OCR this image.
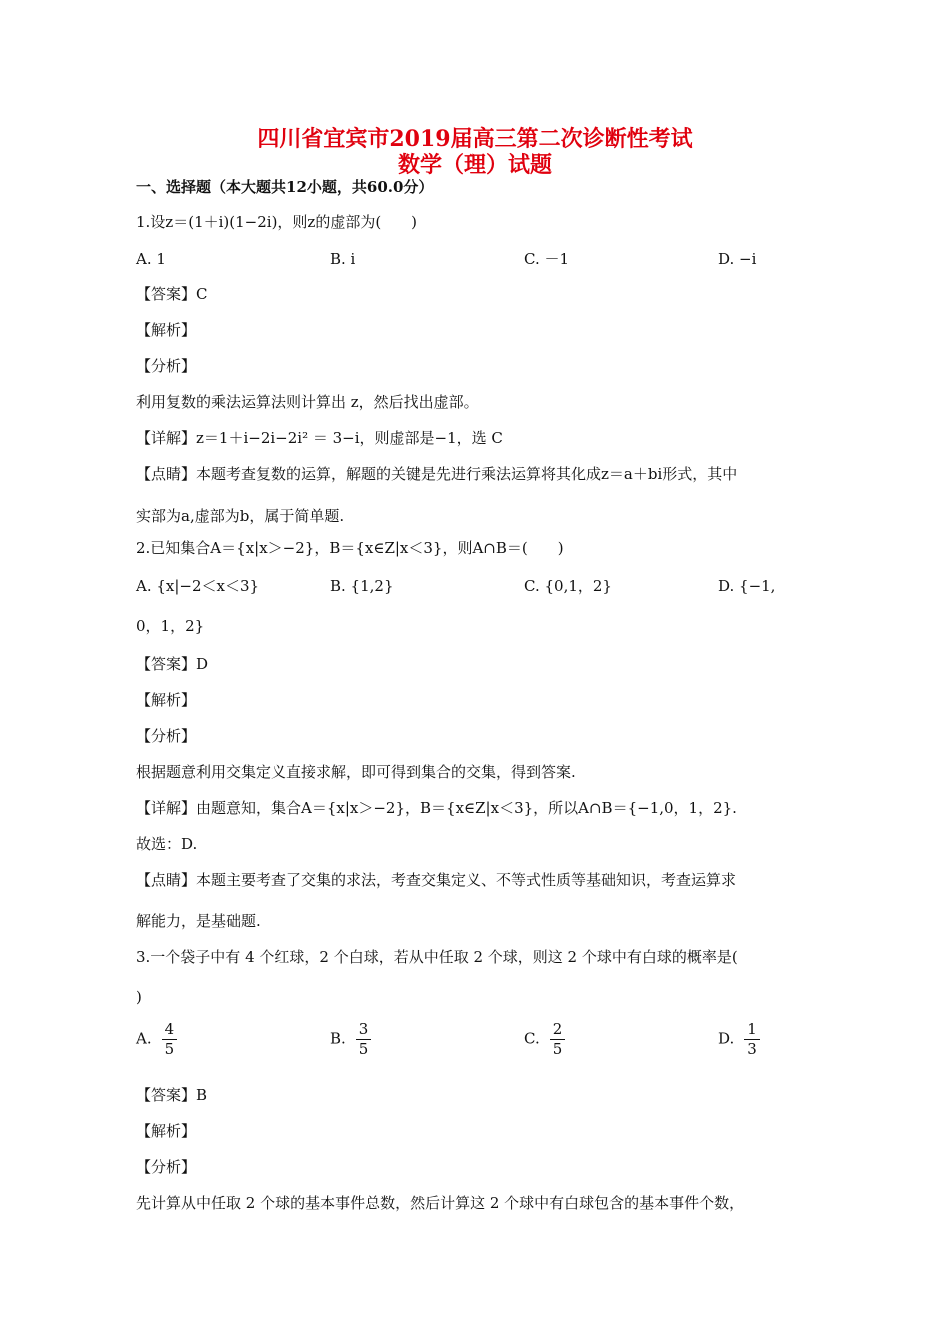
四川省宜宾市2019届高三第二次诊断性考试
数学（理）试题
一、选择题（本大题共12小题，共60.0分）
1.设z＝(1＋i)(1−2i)，则z的虚部为(　　)
A. 1	B. i	C. －1	D. −i
【答案】C
【解析】
【分析】
利用复数的乘法运算法则计算出 z，然后找出虚部。
【详解】z＝1＋i−2i−2i² ＝ 3−i，则虚部是−1，选 C
【点睛】本题考查复数的运算，解题的关键是先进行乘法运算将其化成z＝a＋bi形式，其中
实部为a,虚部为b，属于简单题.
2.已知集合A＝{x|x＞−2}，B＝{x∈Z|x＜3}，则A∩B＝(　　)
A. {x|−2＜x＜3}	B. {1,2}	C. {0,1，2}	D. {−1,
0，1，2}
【答案】D
【解析】
【分析】
根据题意利用交集定义直接求解，即可得到集合的交集，得到答案.
【详解】由题意知，集合A＝{x|x＞−2}，B＝{x∈Z|x＜3}，所以A∩B＝{−1,0，1，2}.
故选：D.
【点睛】本题主要考查了交集的求法，考查交集定义、不等式性质等基础知识，考查运算求
解能力，是基础题.
3.一个袋子中有 4 个红球，2 个白球，若从中任取 2 个球，则这 2 个球中有白球的概率是(
)
A. $\frac{4}{5}$	B. $\frac{3}{5}$	C. $\frac{2}{5}$	D. $\frac{1}{3}$
【答案】B
【解析】
【分析】
先计算从中任取 2 个球的基本事件总数，然后计算这 2 个球中有白球包含的基本事件个数，
